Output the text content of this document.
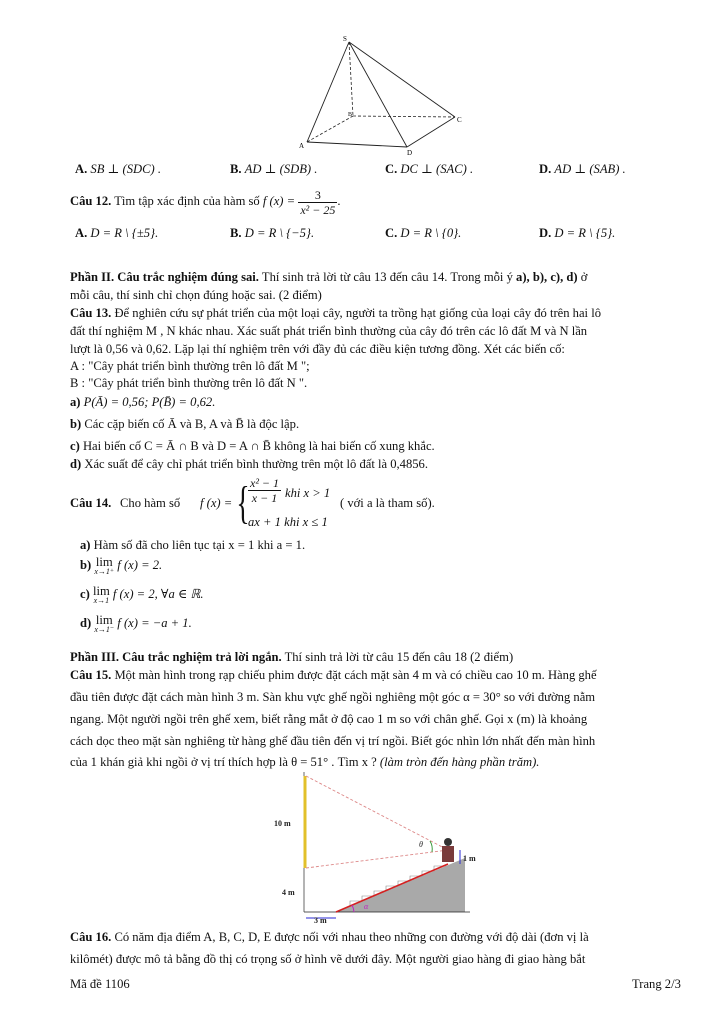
S
A
B
C
D
A. SB ⊥ (SDC) .	B. AD ⊥ (SDB) .	C. DC ⊥ (SAC) .	D. AD ⊥ (SAB) .
Câu 12. Tìm tập xác định của hàm số f $(x) = \frac{3}{\text{x² − 25}}$ .
A. D = R \ {±5}.	B. D = R \ {−5}.	C. D = R \ {0}.	D. D = R \ {5}.
Phần II. Câu trắc nghiệm đúng sai. Thí sinh trả lời từ câu 13 đến câu 14. Trong mỗi ý a), b), c), d) ở
mỗi câu, thí sinh chỉ chọn đúng hoặc sai. (2 điểm)
Câu 13. Để nghiên cứu sự phát triển của một loại cây, người ta trồng hạt giống của loại cây đó trên hai lô
đất thí nghiệm M , N khác nhau. Xác suất phát triển bình thường của cây đó trên các lô đất M và N lần
lượt là 0,56 và 0,62. Lặp lại thí nghiệm trên với đầy đủ các điều kiện tương đồng. Xét các biến cố:
A : "Cây phát triển bình thường trên lô đất M ";
B : "Cây phát triển bình thường trên lô đất N ".
a) P(Ā) = 0,56; P(B̄) = 0,62.
b) Các cặp biến cố Ā và B, A và B̄ là độc lập.
c) Hai biến cố C = Ā ∩ B và D = A ∩ B̄ không là hai biến cố xung khắc.
d) Xác suất để cây chỉ phát triển bình thường trên một lô đất là 0,4856.
Câu 14. Cho hàm số f (x) = {
$\frac{\text{x² − 1}}{x - 1}$ khi x > 1
ax + 1 khi x ≤ 1
( với a là tham số).
a) Hàm số đã cho liên tục tại x = 1 khi a = 1.
b) lim
x→1⁺ f (x) = 2.
c) lim
x→1 f (x) = 2, ∀a ∈ ℝ.
d) lim
x→1⁻ f (x) = −a + 1.
Phần III. Câu trắc nghiệm trả lời ngắn. Thí sinh trả lời từ câu 15 đến câu 18 (2 điểm)
Câu 15. Một màn hình trong rạp chiếu phim được đặt cách mặt sàn 4 m và có chiều cao 10 m. Hàng ghế
đầu tiên được đặt cách màn hình 3 m. Sàn khu vực ghế ngồi nghiêng một góc α = 30° so với đường nằm
ngang. Một người ngồi trên ghế xem, biết rằng mắt ở độ cao 1 m so với chân ghế. Gọi x (m) là khoảng
cách dọc theo mặt sàn nghiêng từ hàng ghế đầu tiên đến vị trí ngồi. Biết góc nhìn lớn nhất đến màn hình
của 1 khán giả khi ngồi ở vị trí thích hợp là θ = 51° . Tìm x ? (làm tròn đến hàng phần trăm).
10 m
4 m
3 m
1 m
θ
α
Câu 16. Có năm địa điểm A, B, C, D, E được nối với nhau theo những con đường với độ dài (đơn vị là
kilômét) được mô tả bằng đồ thị có trọng số ở hình vẽ dưới đây. Một người giao hàng đi giao hàng bắt
Mã đề 1106	Trang 2/3
